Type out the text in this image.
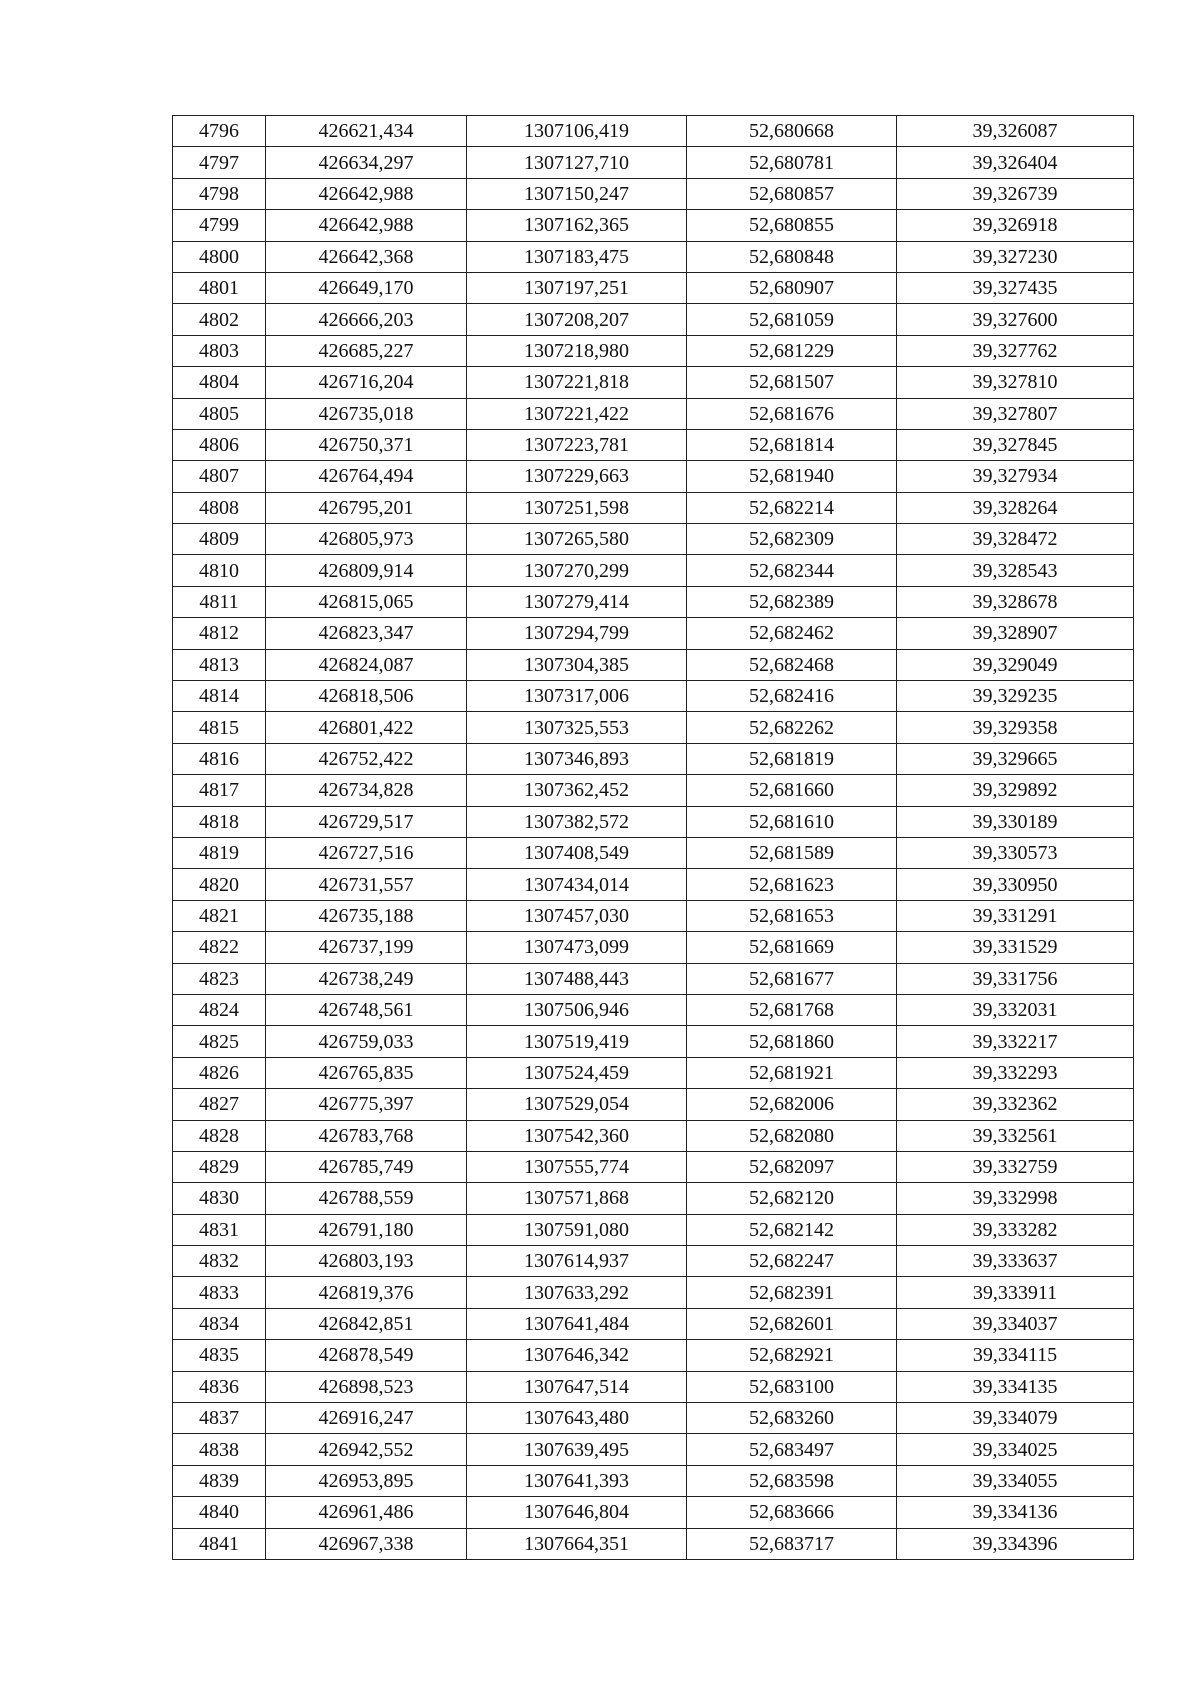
4796	426621,434	1307106,419	52,680668	39,326087
4797	426634,297	1307127,710	52,680781	39,326404
4798	426642,988	1307150,247	52,680857	39,326739
4799	426642,988	1307162,365	52,680855	39,326918
4800	426642,368	1307183,475	52,680848	39,327230
4801	426649,170	1307197,251	52,680907	39,327435
4802	426666,203	1307208,207	52,681059	39,327600
4803	426685,227	1307218,980	52,681229	39,327762
4804	426716,204	1307221,818	52,681507	39,327810
4805	426735,018	1307221,422	52,681676	39,327807
4806	426750,371	1307223,781	52,681814	39,327845
4807	426764,494	1307229,663	52,681940	39,327934
4808	426795,201	1307251,598	52,682214	39,328264
4809	426805,973	1307265,580	52,682309	39,328472
4810	426809,914	1307270,299	52,682344	39,328543
4811	426815,065	1307279,414	52,682389	39,328678
4812	426823,347	1307294,799	52,682462	39,328907
4813	426824,087	1307304,385	52,682468	39,329049
4814	426818,506	1307317,006	52,682416	39,329235
4815	426801,422	1307325,553	52,682262	39,329358
4816	426752,422	1307346,893	52,681819	39,329665
4817	426734,828	1307362,452	52,681660	39,329892
4818	426729,517	1307382,572	52,681610	39,330189
4819	426727,516	1307408,549	52,681589	39,330573
4820	426731,557	1307434,014	52,681623	39,330950
4821	426735,188	1307457,030	52,681653	39,331291
4822	426737,199	1307473,099	52,681669	39,331529
4823	426738,249	1307488,443	52,681677	39,331756
4824	426748,561	1307506,946	52,681768	39,332031
4825	426759,033	1307519,419	52,681860	39,332217
4826	426765,835	1307524,459	52,681921	39,332293
4827	426775,397	1307529,054	52,682006	39,332362
4828	426783,768	1307542,360	52,682080	39,332561
4829	426785,749	1307555,774	52,682097	39,332759
4830	426788,559	1307571,868	52,682120	39,332998
4831	426791,180	1307591,080	52,682142	39,333282
4832	426803,193	1307614,937	52,682247	39,333637
4833	426819,376	1307633,292	52,682391	39,333911
4834	426842,851	1307641,484	52,682601	39,334037
4835	426878,549	1307646,342	52,682921	39,334115
4836	426898,523	1307647,514	52,683100	39,334135
4837	426916,247	1307643,480	52,683260	39,334079
4838	426942,552	1307639,495	52,683497	39,334025
4839	426953,895	1307641,393	52,683598	39,334055
4840	426961,486	1307646,804	52,683666	39,334136
4841	426967,338	1307664,351	52,683717	39,334396
